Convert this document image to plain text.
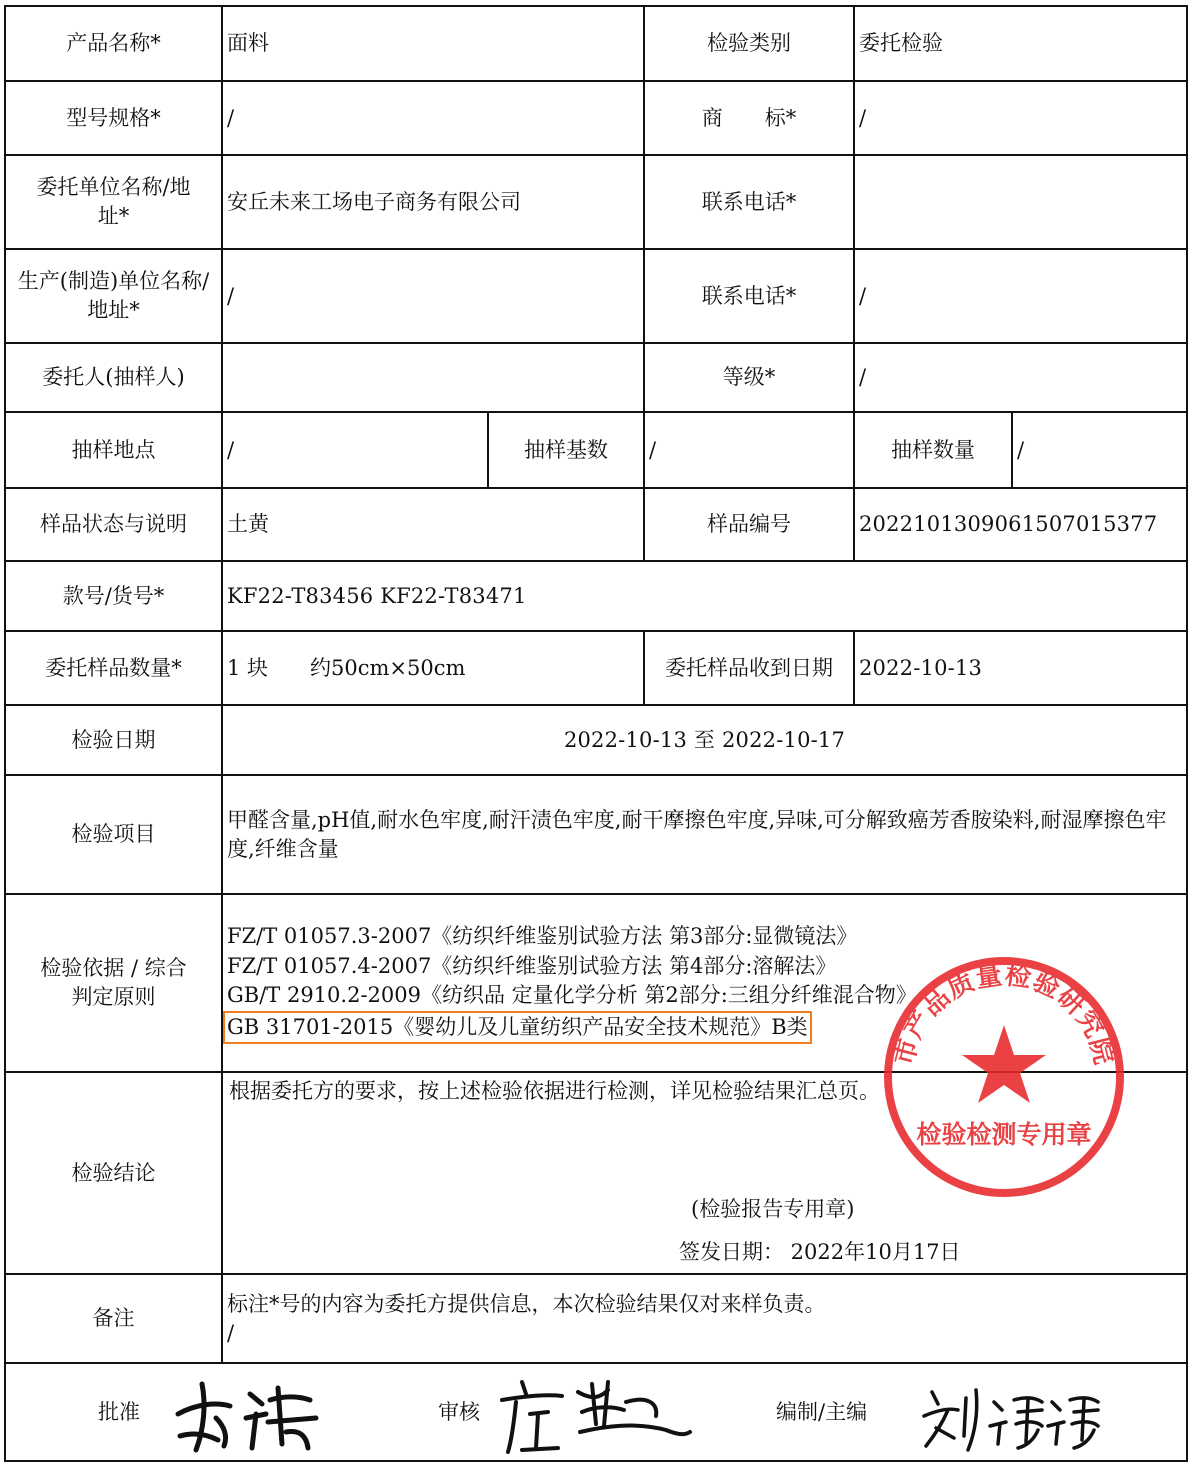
产品名称*	面料		检验类别	委托检验	
型号规格*	/		商　　标*	/	
委托单位名称/地址*	安丘未来工场电子商务有限公司		联系电话*		
生产(制造)单位名称/地址*	/		联系电话*	/	
委托人(抽样人)			等级*	/	
抽样地点	/	抽样基数	/	抽样数量	/
样品状态与说明	土黄		样品编号	202210130906150701537​7	
款号/货号*	KF22-T83456 KF22-T83471				
委托样品数量*	1 块　　约50cm×50cm		委托样品收到日期	2022-10-13	
检验日期	2022-10-13 至 2022-10-17				
检验项目	甲醛含量,pH值,耐水色牢度,耐汗渍色牢度,耐干摩擦色牢度,异味,可分解致癌芳香胺染料,耐湿摩擦色牢度,纤维含量				
检验依据 / 综合判定原则	FZ/T 01057.3-2007《纺织纤维鉴别试验方法 第3部分:显微镜法》
FZ/T 01057.4-2007《纺织纤维鉴别试验方法 第4部分:溶解法》
GB/T 2910.2-2009《纺织品 定量化学分析 第2部分:三组分纤维混合物》
GB 31701-2015《婴幼儿及儿童纺织产品安全技术规范》B类				

检验结论	根据委托方的要求，按上述检验依据进行检测，详见检验结果汇总页。
(检验报告专用章)
签发日期： 2022年10月17日				

备注	标注*号的内容为委托方提供信息，本次检验结果仅对来样负责。
/				

批准 审核 编制/主编					
市产品质量检验研究院
检验检测专用章
